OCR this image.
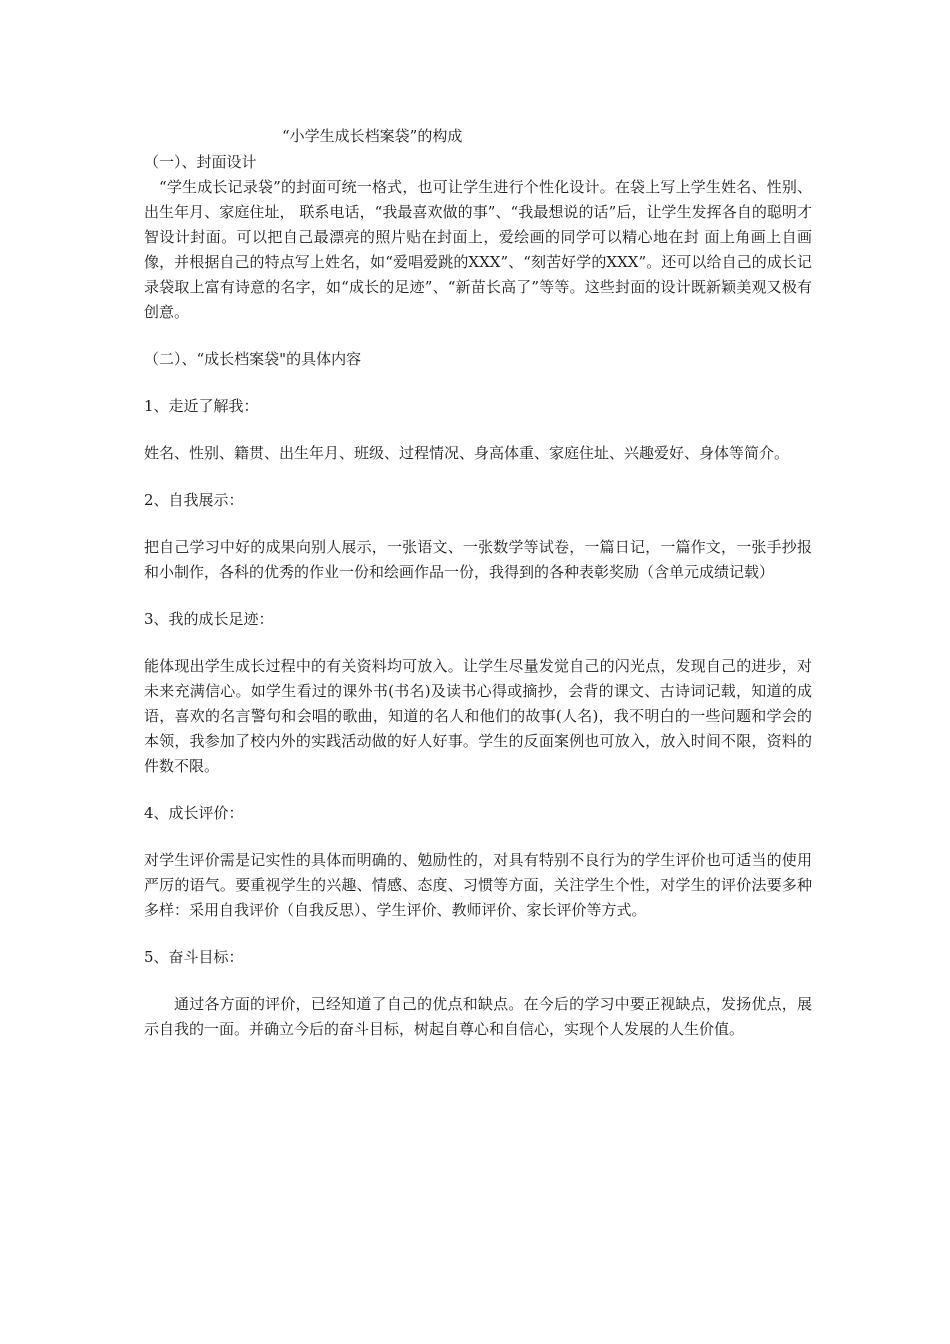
“小学生成长档案袋”的构成

（一）、封面设计

“学生成长记录袋”的封面可统一格式，也可让学生进行个性化设计。在袋上写上学生姓名、性别、出生年月、家庭住址， 联系电话，“我最喜欢做的事”、“我最想说的话”后，让学生发挥各自的聪明才智设计封面。可以把自己最漂亮的照片贴在封面上，爱绘画的同学可以精心地在封 面上角画上自画像，并根据自己的特点写上姓名，如“爱唱爱跳的XXX”、“刻苦好学的XXX”。还可以给自己的成长记录袋取上富有诗意的名字，如“成长的足迹”、“新苗长高了”等等。这些封面的设计既新颖美观又极有创意。

（二）、“成长档案袋"的具体内容

1、走近了解我：

姓名、性别、籍贯、出生年月、班级、过程情况、身高体重、家庭住址、兴趣爱好、身体等简介。

2、自我展示：

把自己学习中好的成果向别人展示，一张语文、一张数学等试卷，一篇日记，一篇作文，一张手抄报和小制作，各科的优秀的作业一份和绘画作品一份，我得到的各种表彰奖励（含单元成绩记载）

3、我的成长足迹：

能体现出学生成长过程中的有关资料均可放入。让学生尽量发觉自己的闪光点，发现自己的进步，对未来充满信心。如学生看过的课外书(书名)及读书心得或摘抄，会背的课文、古诗词记载，知道的成语，喜欢的名言警句和会唱的歌曲，知道的名人和他们的故事(人名)，我不明白的一些问题和学会的本领，我参加了校内外的实践活动做的好人好事。学生的反面案例也可放入，放入时间不限，资料的件数不限。

4、成长评价：

对学生评价需是记实性的具体而明确的、勉励性的，对具有特别不良行为的学生评价也可适当的使用严厉的语气。要重视学生的兴趣、情感、态度、习惯等方面，关注学生个性，对学生的评价法要多种多样：采用自我评价（自我反思）、学生评价、教师评价、家长评价等方式。

5、奋斗目标：

通过各方面的评价，已经知道了自己的优点和缺点。在今后的学习中要正视缺点，发扬优点，展示自我的一面。并确立今后的奋斗目标，树起自尊心和自信心，实现个人发展的人生价值。
